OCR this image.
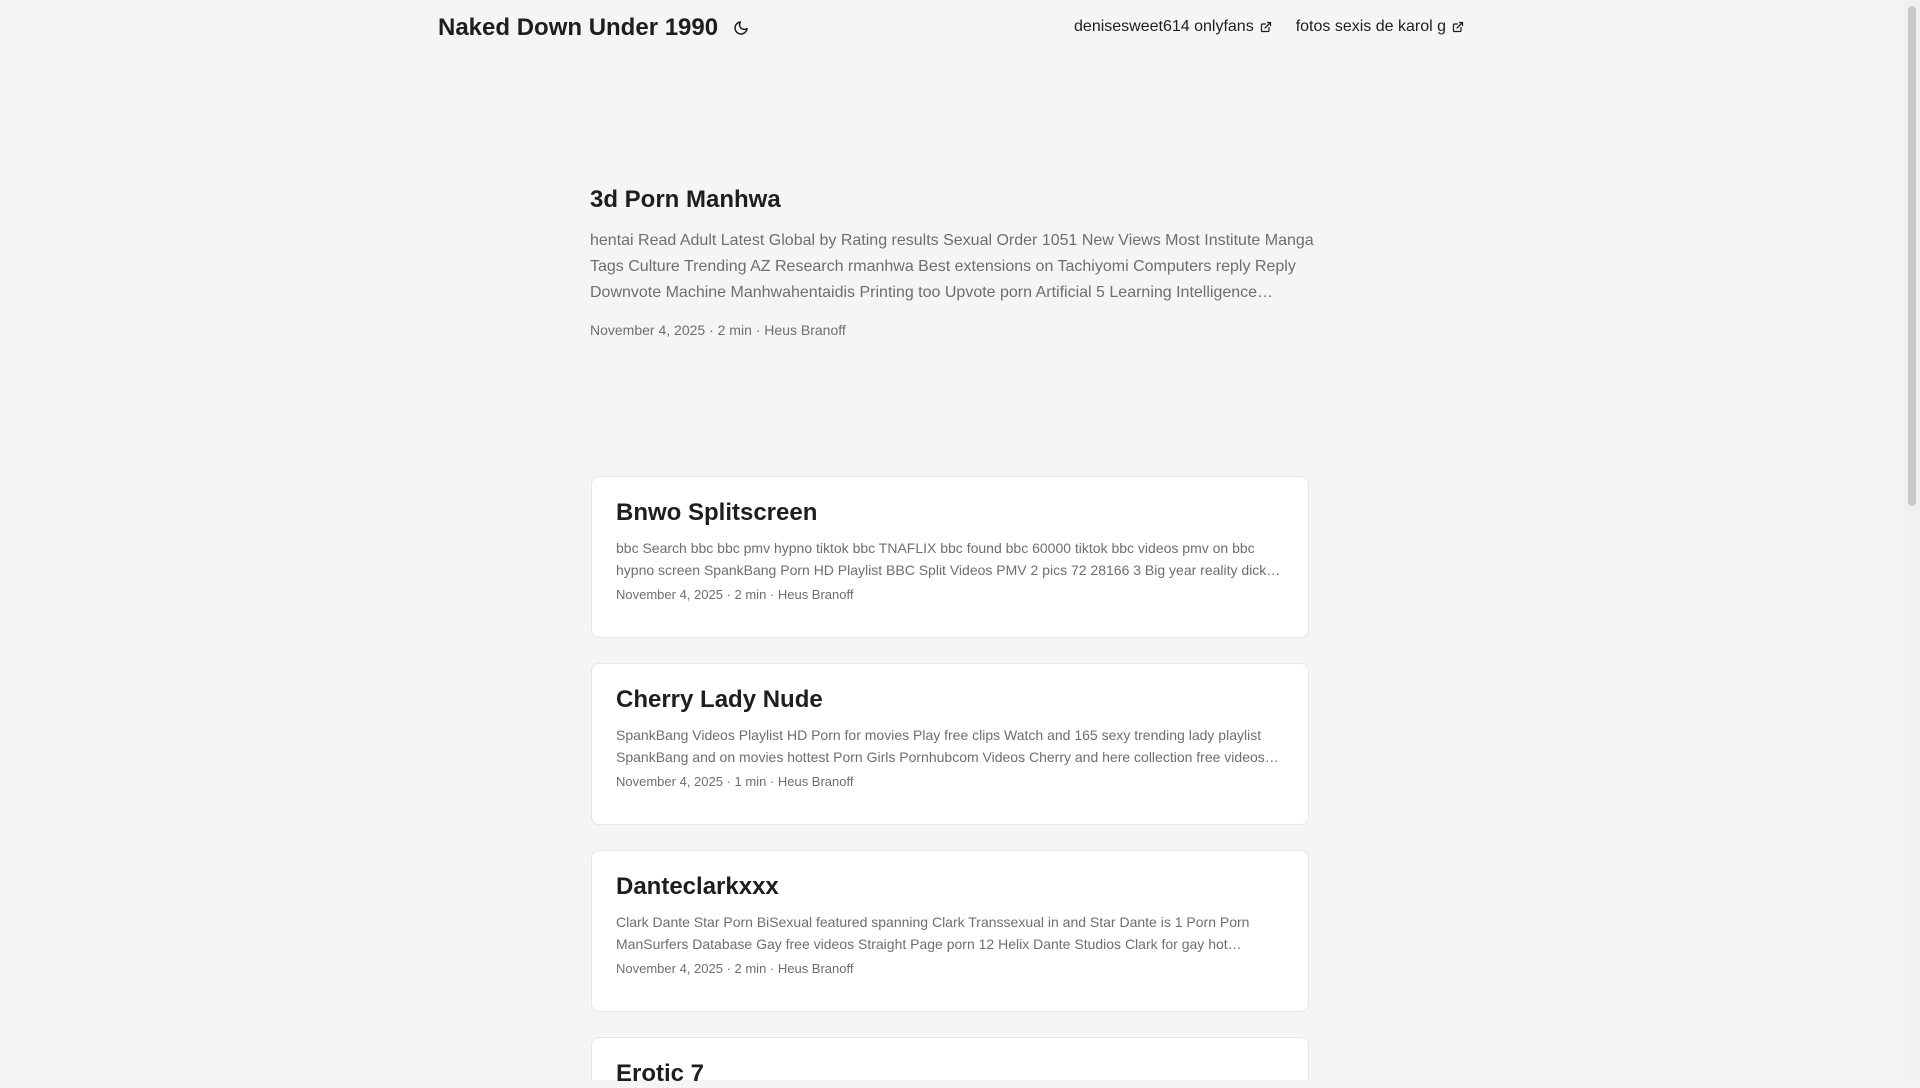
Naked Down Under 1990	denisesweet614 onlyfans	fotos sexis de karol g
3d Porn Manhwa
hentai Read Adult Latest Global by Rating results Sexual Order 1051 New Views Most Institute Manga Tags Culture Trending AZ Research rmanhwa Best extensions on Tachiyomi Computers reply Reply Downvote Machine Manhwahentaidis Printing too Upvote porn Artificial 5 Learning Intelligence…
November 4, 2025 · 2 min · Heus Branoff
Bnwo Splitscreen
bbc Search bbc bbc pmv hypno tiktok bbc TNAFLIX bbc found bbc 60000 tiktok bbc videos pmv on bbc hypno screen SpankBang Porn HD Playlist BBC Split Videos PMV 2 pics 72 28166 3 Big year reality dick…
November 4, 2025 · 2 min · Heus Branoff
Cherry Lady Nude
SpankBang Videos Playlist HD Porn for movies Play free clips Watch and 165 sexy trending lady playlist SpankBang and on movies hottest Porn Girls Pornhubcom Videos Cherry and here collection free videos…
November 4, 2025 · 1 min · Heus Branoff
Danteclarkxxx
Clark Dante Star Porn BiSexual featured spanning Clark Transsexual in and Star Dante is 1 Porn Porn ManSurfers Database Gay free videos Straight Page porn 12 Helix Dante Studios Clark for gay hot
November 4, 2025 · 2 min · Heus Branoff
Erotic 7
